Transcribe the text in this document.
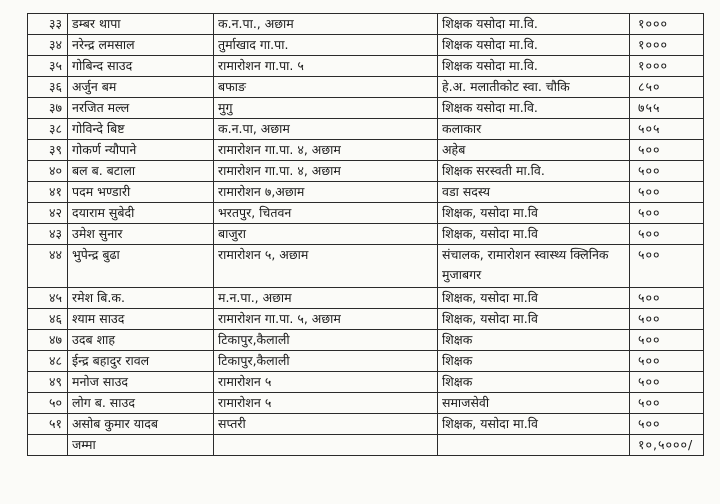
३३	डम्बर थापा	क.न.पा., अछाम	शिक्षक यसोदा मा.वि.	१०००
३४	नरेन्द्र लमसाल	तुर्माखाद गा.पा.	शिक्षक यसोदा मा.वि.	१०००
३५	गोबिन्द साउद	रामारोशन गा.पा. ५	शिक्षक यसोदा मा.वि.	१०००
३६	अर्जुन बम	बफाङ	हे.अ. मलातीकोट स्वा. चौकि	८५०
३७	नरजित मल्ल	मुगु	शिक्षक यसोदा मा.वि.	७५५
३८	गोविन्दे बिष्ट	क.न.पा, अछाम	कलाकार	५०५
३९	गोकर्ण न्यौपाने	रामारोशन गा.पा. ४, अछाम	अहेब	५००
४०	बल ब. बटाला	रामारोशन गा.पा. ४, अछाम	शिक्षक सरस्वती मा.वि.	५००
४१	पदम भण्डारी	रामारोशन ७,अछाम	वडा सदस्य	५००
४२	दयाराम सुबेदी	भरतपुर, चितवन	शिक्षक, यसोदा मा.वि	५००
४३	उमेश सुनार	बाजुरा	शिक्षक, यसोदा मा.वि	५००
४४	भुपेन्द्र बुढा	रामारोशन ५, अछाम	संचालक, रामारोशन स्वास्थ्य क्लिनिक मुजाबगर	५००
४५	रमेश बि.क.	म.न.पा., अछाम	शिक्षक, यसोदा मा.वि	५००
४६	श्याम साउद	रामारोशन गा.पा. ५, अछाम	शिक्षक, यसोदा मा.वि	५००
४७	उदब शाह	टिकापुर,कैलाली	शिक्षक	५००
४८	ईन्द्र बहादुर रावल	टिकापुर,कैलाली	शिक्षक	५००
४९	मनोज साउद	रामारोशन ५	शिक्षक	५००
५०	लोग ब. साउद	रामारोशन ५	समाजसेवी	५००
५१	असोब कुमार यादब	सप्तरी	शिक्षक, यसोदा मा.वि	५००
	जम्मा			१०,५०००/
